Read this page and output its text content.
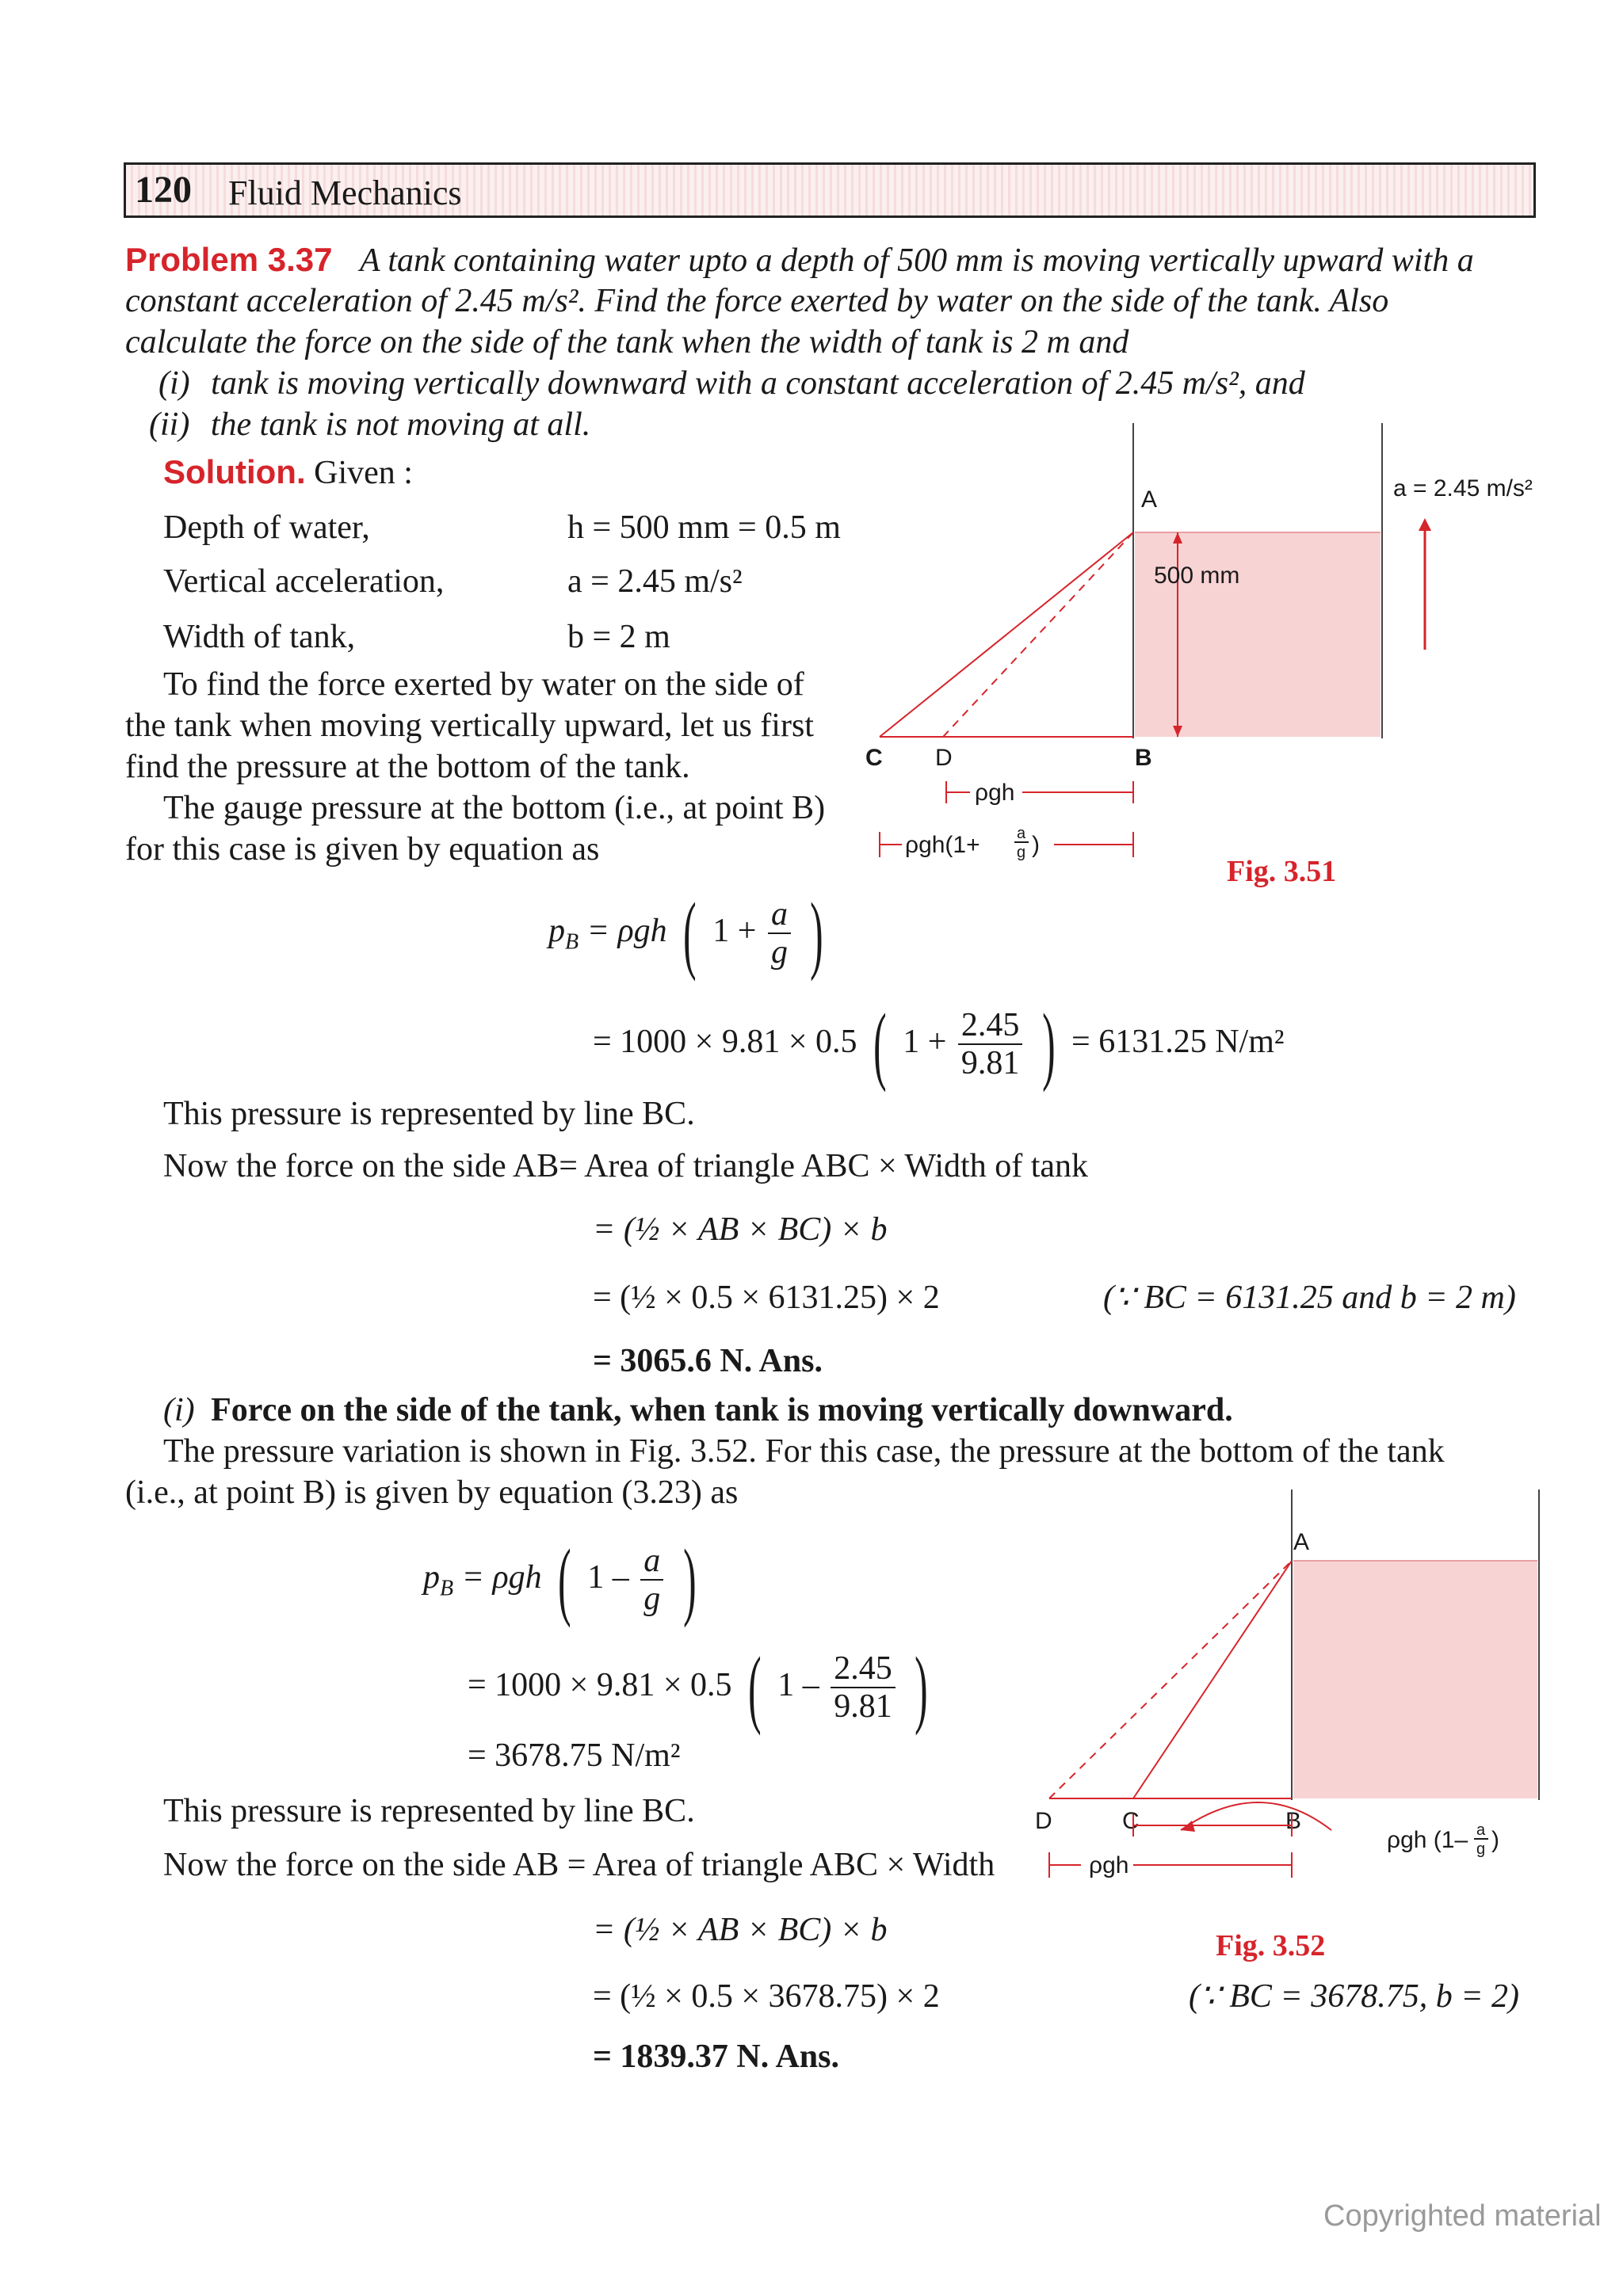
120 Fluid Mechanics
Problem 3.37 A tank containing water upto a depth of 500 mm is moving vertically upward with a
constant acceleration of 2.45 m/s². Find the force exerted by water on the side of the tank. Also
calculate the force on the side of the tank when the width of tank is 2 m and
(i) tank is moving vertically downward with a constant acceleration of 2.45 m/s², and
(ii) the tank is not moving at all.
Solution. Given :
Depth of water,	h = 500 mm = 0.5 m
Vertical acceleration,	a = 2.45 m/s²
Width of tank,	b = 2 m
To find the force exerted by water on the side of
the tank when moving vertically upward, let us first
find the pressure at the bottom of the tank.
The gauge pressure at the bottom (i.e., at point B)
for this case is given by equation as
$p_B = \rho gh$ ( $1 + \frac{a}{g}$ )
= 1000 × 9.81 × 0.5 ( $1 + \frac{2.45}{9.81}$ ) = 6131.25 N/m²
This pressure is represented by line BC.
Now the force on the side AB= Area of triangle ABC × Width of tank
= (½ × AB × BC) × b
= (½ × 0.5 × 6131.25) × 2	(∵ BC = 6131.25 and b = 2 m)
= 3065.6 N. Ans.
(i) Force on the side of the tank, when tank is moving vertically downward.
The pressure variation is shown in Fig. 3.52. For this case, the pressure at the bottom of the tank
(i.e., at point B) is given by equation (3.23) as
$p_B = \rho gh$ ( $1 - \frac{a}{g}$ )
= 1000 × 9.81 × 0.5 ( $1 - \frac{2.45}{9.81}$ )
= 3678.75 N/m²
This pressure is represented by line BC.
Now the force on the side AB = Area of triangle ABC × Width
= (½ × AB × BC) × b
= (½ × 0.5 × 3678.75) × 2	(∵ BC = 3678.75, b = 2)
= 1839.37 N. Ans.
A
B
C D
500 mm
a = 2.45 m/s²
ρgh
ρgh(1+ a
g )
Fig. 3.51
A
B
C
D
ρgh (1– a
g )
ρgh
Fig. 3.52
Copyrighted material
